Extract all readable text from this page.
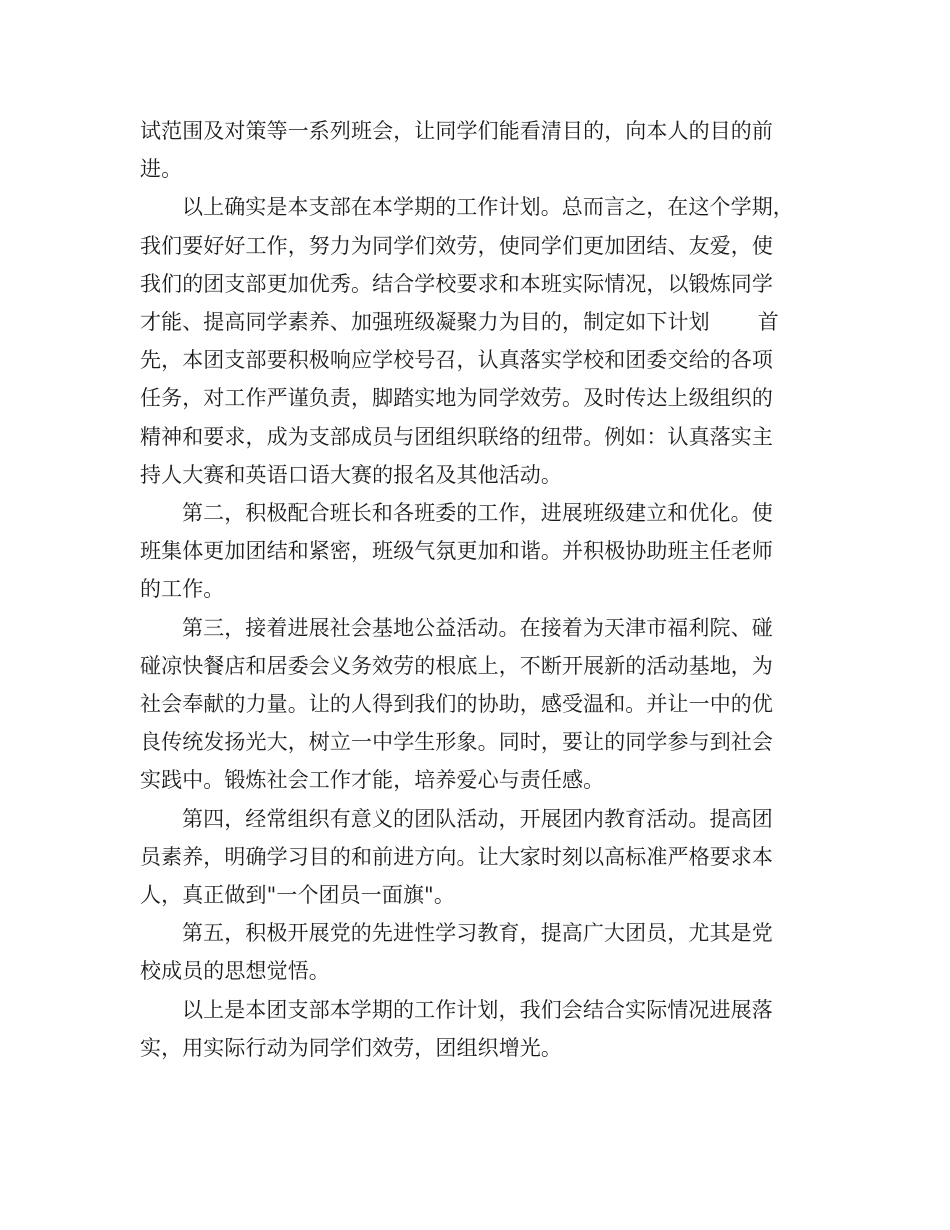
试范围及对策等一系列班会，让同学们能看清目的，向本人的目的前
进。

以上确实是本支部在本学期的工作计划。总而言之，在这个学期，
我们要好好工作，努力为同学们效劳，使同学们更加团结、友爱，使
我们的团支部更加优秀。结合学校要求和本班实际情况，以锻炼同学
才能、提高同学素养、加强班级凝聚力为目的，制定如下计划 首
先，本团支部要积极响应学校号召，认真落实学校和团委交给的各项
任务，对工作严谨负责，脚踏实地为同学效劳。及时传达上级组织的
精神和要求，成为支部成员与团组织联络的纽带。例如：认真落实主
持人大赛和英语口语大赛的报名及其他活动。

第二，积极配合班长和各班委的工作，进展班级建立和优化。使
班集体更加团结和紧密，班级气氛更加和谐。并积极协助班主任老师
的工作。

第三，接着进展社会基地公益活动。在接着为天津市福利院、碰
碰凉快餐店和居委会义务效劳的根底上，不断开展新的活动基地，为
社会奉献的力量。让的人得到我们的协助，感受温和。并让一中的优
良传统发扬光大，树立一中学生形象。同时，要让的同学参与到社会
实践中。锻炼社会工作才能，培养爱心与责任感。

第四，经常组织有意义的团队活动，开展团内教育活动。提高团
员素养，明确学习目的和前进方向。让大家时刻以高标准严格要求本
人，真正做到"一个团员一面旗"。

第五，积极开展党的先进性学习教育，提高广大团员，尤其是党
校成员的思想觉悟。

以上是本团支部本学期的工作计划，我们会结合实际情况进展落
实，用实际行动为同学们效劳，团组织增光。
